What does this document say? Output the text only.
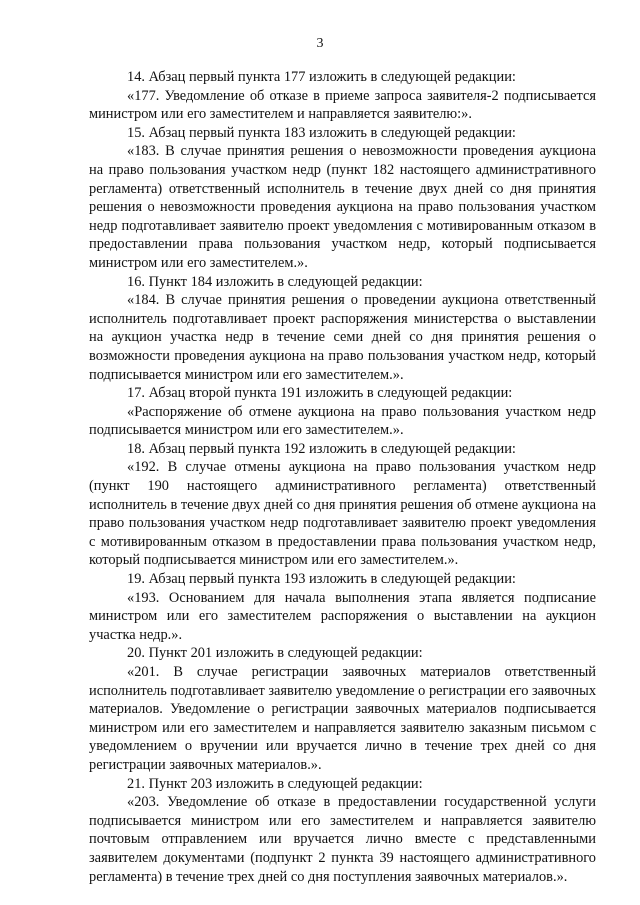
3

14. Абзац первый пункта 177 изложить в следующей редакции:

«177. Уведомление об отказе в приеме запроса заявителя-2 подписывается министром или его заместителем и направляется заявителю:».

15. Абзац первый пункта 183 изложить в следующей редакции:

«183. В случае принятия решения о невозможности проведения аукциона на право пользования участком недр (пункт 182 настоящего административного регламента) ответственный исполнитель в течение двух дней со дня принятия решения о невозможности проведения аукциона на право пользования участком недр подготавливает заявителю проект уведомления с мотивированным отказом в предоставлении права пользования участком недр, который подписывается министром или его заместителем.».

16. Пункт 184 изложить в следующей редакции:

«184. В случае принятия решения о проведении аукциона ответственный исполнитель подготавливает проект распоряжения министерства о выставлении на аукцион участка недр в течение семи дней со дня принятия решения о возможности проведения аукциона на право пользования участком недр, который подписывается министром или его заместителем.».

17. Абзац второй пункта 191 изложить в следующей редакции:

«Распоряжение об отмене аукциона на право пользования участком недр подписывается министром или его заместителем.».

18. Абзац первый пункта 192 изложить в следующей редакции:

«192. В случае отмены аукциона на право пользования участком недр (пункт 190 настоящего административного регламента) ответственный исполнитель в течение двух дней со дня принятия решения об отмене аукциона на право пользования участком недр подготавливает заявителю проект уведомления с мотивированным отказом в предоставлении права пользования участком недр, который подписывается министром или его заместителем.».

19. Абзац первый пункта 193 изложить в следующей редакции:

«193. Основанием для начала выполнения этапа является подписание министром или его заместителем распоряжения о выставлении на аукцион участка недр.».

20. Пункт 201 изложить в следующей редакции:

«201. В случае регистрации заявочных материалов ответственный исполнитель подготавливает заявителю уведомление о регистрации его заявочных материалов. Уведомление о регистрации заявочных материалов подписывается министром или его заместителем и направляется заявителю заказным письмом с уведомлением о вручении или вручается лично в течение трех дней со дня регистрации заявочных материалов.».

21. Пункт 203 изложить в следующей редакции:

«203. Уведомление об отказе в предоставлении государственной услуги подписывается министром или его заместителем и направляется заявителю почтовым отправлением или вручается лично вместе с представленными заявителем документами (подпункт 2 пункта 39 настоящего административного регламента) в течение трех дней со дня поступления заявочных материалов.».
